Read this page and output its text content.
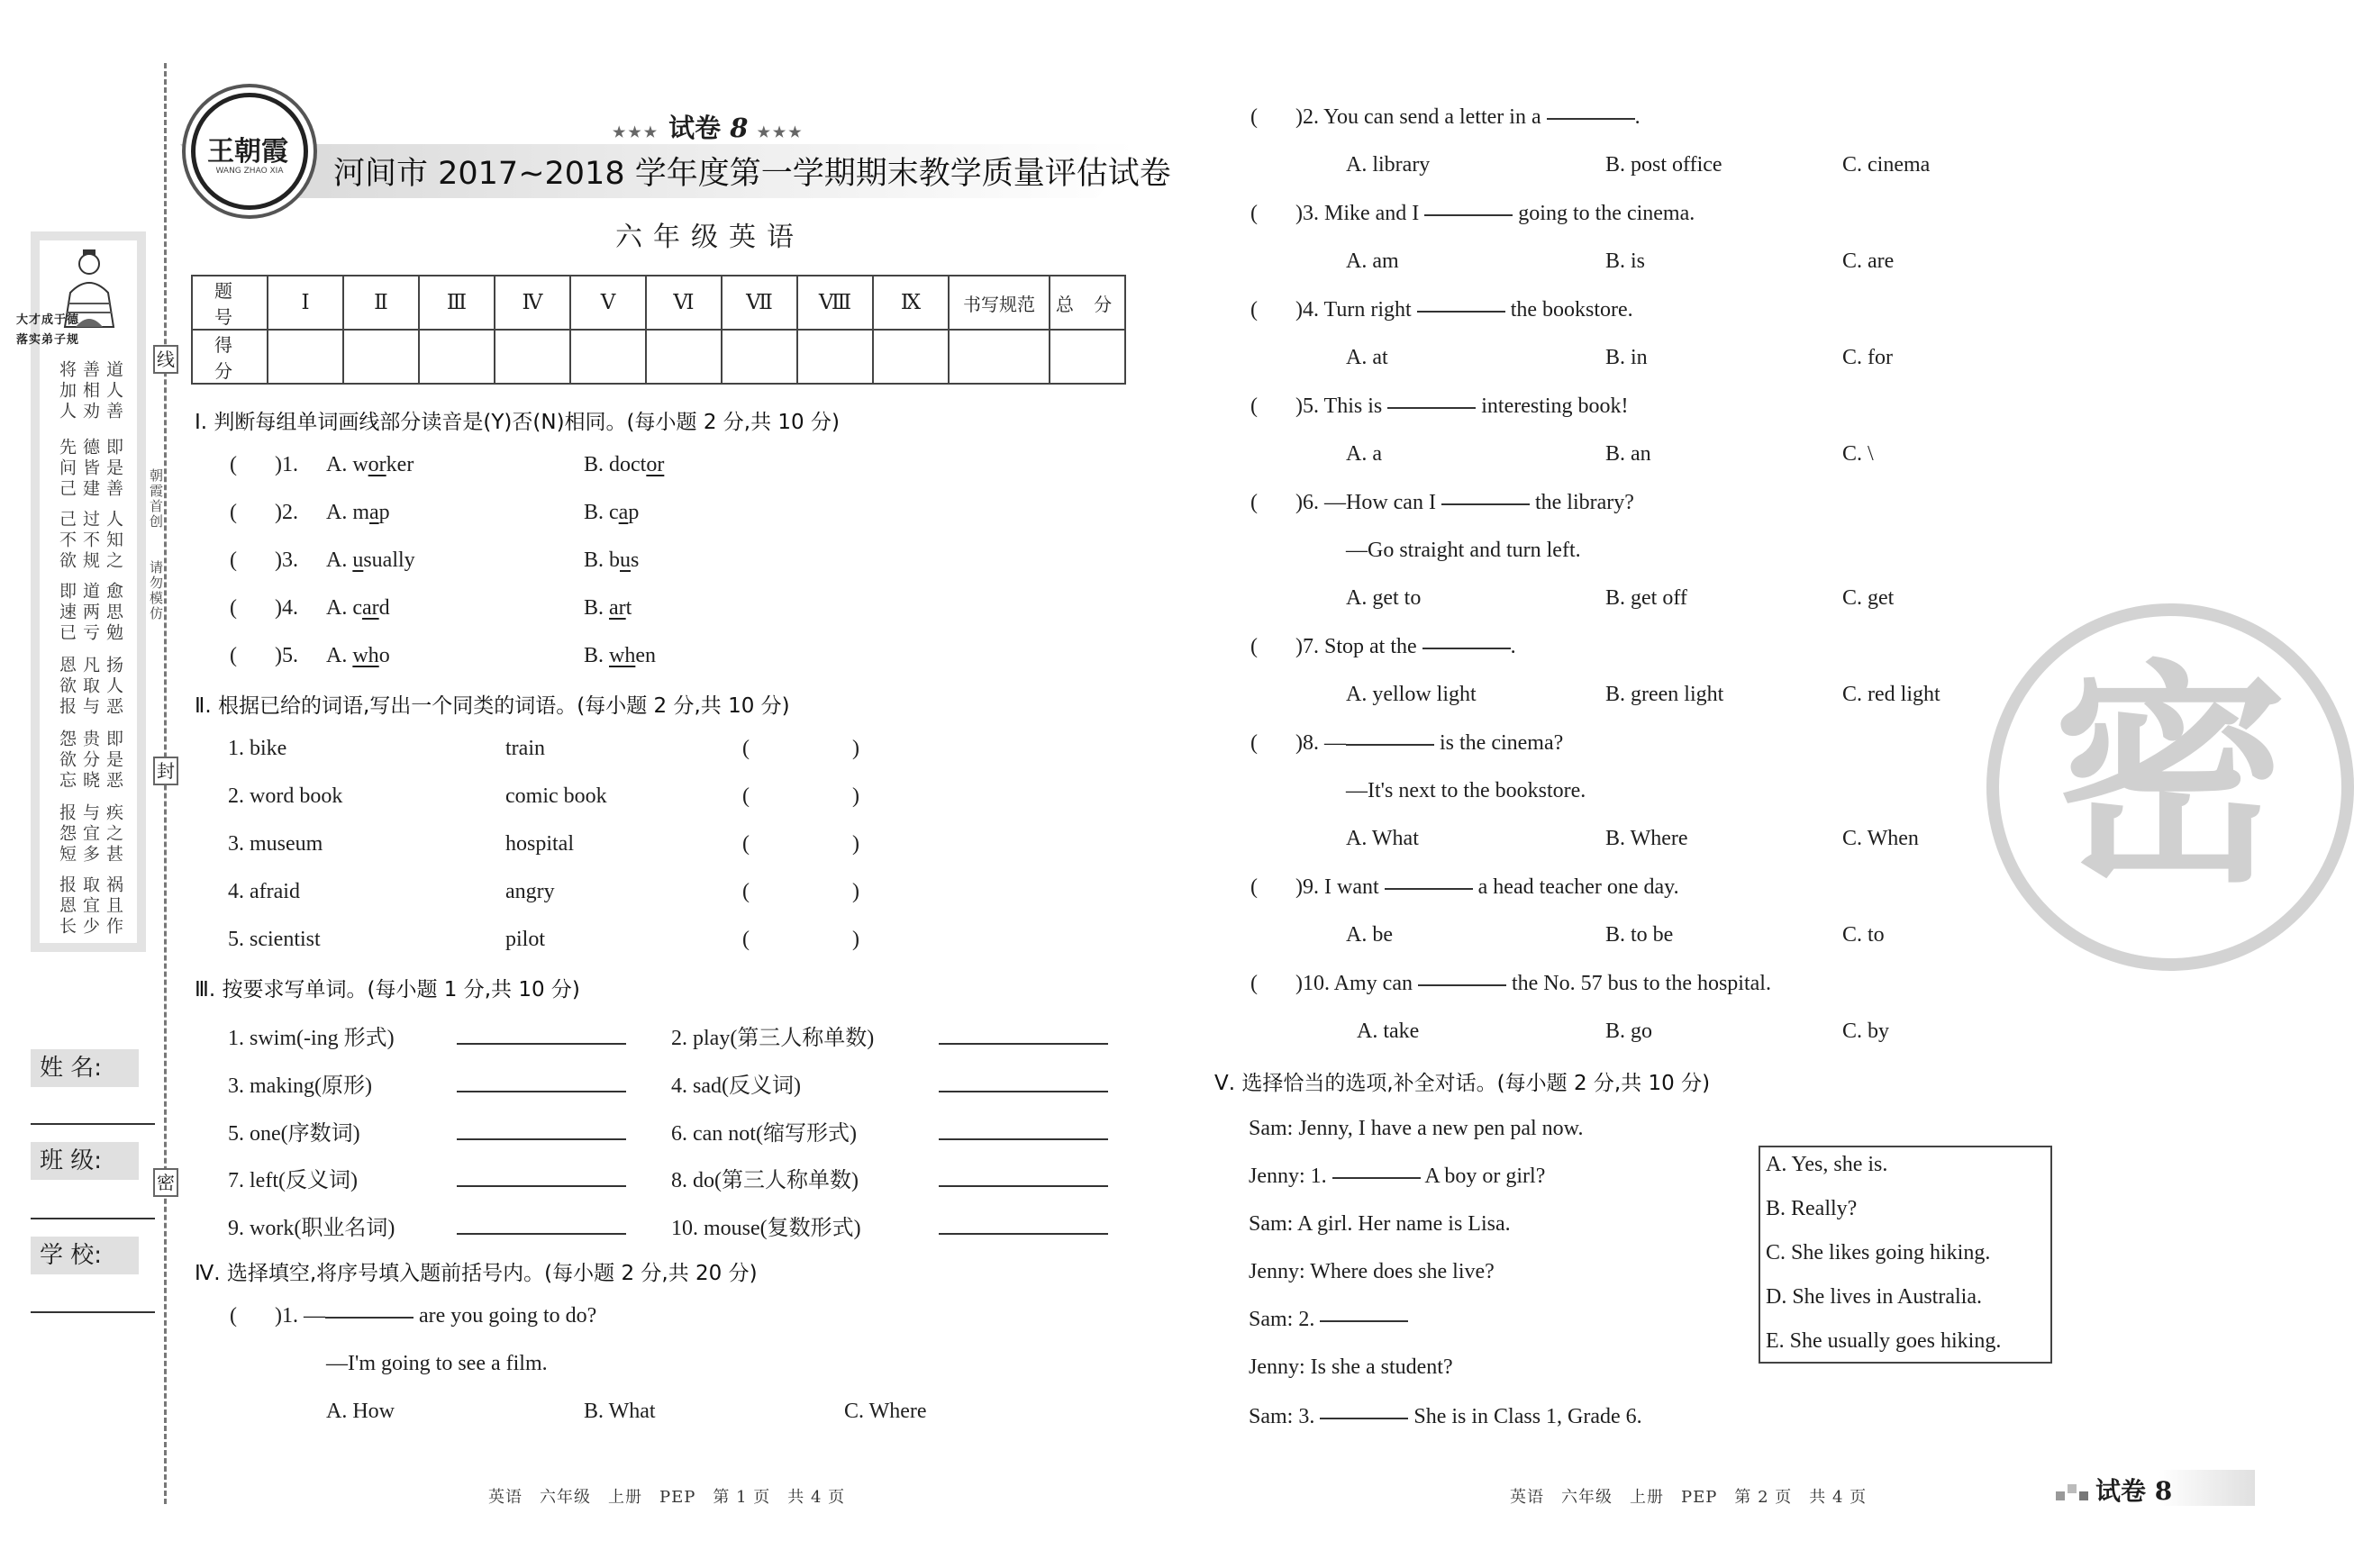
线
封
密
朝霞首创
请勿模仿
大才成于德
落实弟子规
道人善
善相劝
将加人
即是善
德皆建
先问己
人知之
过不规
己不欲
愈思勉
道两亏
即速已
扬人恶
凡取与
恩欲报
即是恶
贵分晓
怨欲忘
疾之甚
与宜多
报怨短
祸且作
取宜少
报恩长
姓 名:
班 级:
学 校:
王朝霞
WANG ZHAO XIA
★★★ 试卷 8 ★★★
河间市 2017~2018 学年度第一学期期末教学质量评估试卷
六年级英语
题 号	Ⅰ	Ⅱ	Ⅲ	Ⅳ	Ⅴ	Ⅵ	Ⅶ	Ⅷ	Ⅸ	书写规范	总 分
得 分											
Ⅰ. 判断每组单词画线部分读音是(Y)否(N)相同。(每小题 2 分,共 10 分)
(       )1. A. worker	B. doctor
(       )2. A. map	B. cap
(       )3. A. usually	B. bus
(       )4. A. card	B. art
(       )5. A. who	B. when
Ⅱ. 根据已给的词语,写出一个同类的词语。(每小题 2 分,共 10 分)
1. bike	train	(                   )
2. word book	comic book	(                   )
3. museum	hospital	(                   )
4. afraid	angry	(                   )
5. scientist	pilot	(                   )
Ⅲ. 按要求写单词。(每小题 1 分,共 10 分)
1. swim(-ing 形式)	2. play(第三人称单数)
3. making(原形)	4. sad(反义词)
5. one(序数词)	6. can not(缩写形式)
7. left(反义词)	8. do(第三人称单数)
9. work(职业名词)	10. mouse(复数形式)
Ⅳ. 选择填空,将序号填入题前括号内。(每小题 2 分,共 20 分)
(       )1. —	are you going to do?
—I'm going to see a film.
A. How	B. What	C. Where
(       )2. You can send a letter in a	.
A. library	B. post office	C. cinema
(       )3. Mike and I	going to the cinema.
A. am	B. is	C. are
(       )4. Turn right	the bookstore.
A. at	B. in	C. for
(       )5. This is	interesting book!
A. a	B. an	C. \
(       )6. —How can I	the library?
—Go straight and turn left.
A. get to	B. get off	C. get
(       )7. Stop at the	.
A. yellow light	B. green light	C. red light
(       )8. —	is the cinema?
—It's next to the bookstore.
A. What	B. Where	C. When
(       )9. I want	a head teacher one day.
A. be	B. to be	C. to
(       )10. Amy can	the No. 57 bus to the hospital.
A. take	B. go	C. by
Ⅴ. 选择恰当的选项,补全对话。(每小题 2 分,共 10 分)
Sam: Jenny, I have a new pen pal now.
Jenny: 1.	A boy or girl?
Sam: A girl. Her name is Lisa.
Jenny: Where does she live?
Sam: 2.
Jenny: Is she a student?
Sam: 3.	She is in Class 1, Grade 6.
A. Yes, she is.
B. Really?
C. She likes going hiking.
D. She lives in Australia.
E. She usually goes hiking.
密
英语　六年级　上册　PEP　第 1 页　共 4 页	英语　六年级　上册　PEP　第 2 页　共 4 页	试卷 8
